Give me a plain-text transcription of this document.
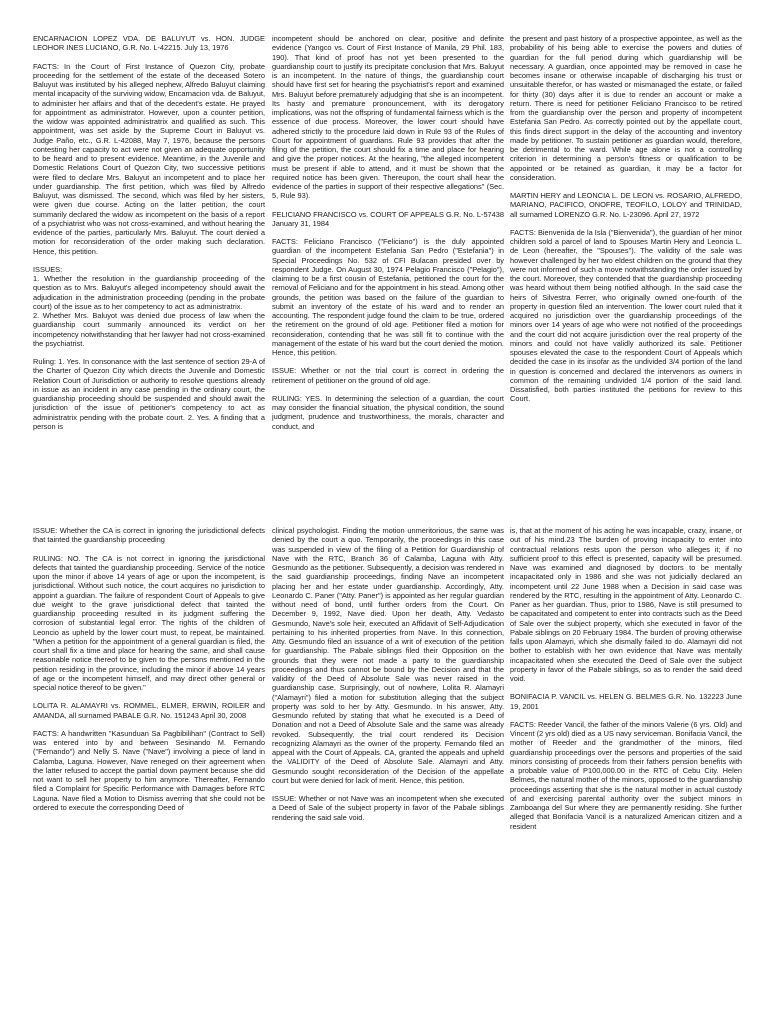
ENCARNACION LOPEZ VDA. DE BALUYUT vs. HON. JUDGE LEOHOR INES LUCIANO, G.R. No. L-42215. July 13, 1976

FACTS: In the Court of First Instance of Quezon City, probate proceeding for the settlement of the estate of the deceased Sotero Baluyut was instituted by his alleged nephew, Alfredo Baluyut claiming mental incapacity of the surviving widow, Encarnacion vda. de Baluyut, to administer her affairs and that of the decedent's estate. He prayed for appointment as administrator. However, upon a counter petition, the widow was appointed administratrix and qualified as such. This appointment, was set aside by the Supreme Court in Baluyut vs. Judge Paño, etc., G.R. L-42088, May 7, 1976, because the persons contesting her capacity to act were not given an adequate opportunity to be heard and to present evidence. Meantime, in the Juvenile and Domestic Relations Court of Quezon City, two successive petitions were filed to declare Mrs. Baluyut an incompetent and to place her under guardianship. The first petition, which was filed by Alfredo Baluyut, was dismissed. The second, which was filed by her sisters, were given due course. Acting on the latter petition, the court summarily declared the widow as incompetent on the basis of a report of a psychiatrist who was not cross-examined, and without hearing the evidence of the parties, particularly Mrs. Baluyut. The court denied a motion for reconsideration of the order making such declaration. Hence, this petition.

ISSUES:
1. Whether the resolution in the guardianship proceeding of the question as to Mrs. Baluyut's alleged incompetency should await the adjudication in the administration proceeding (pending in the probate court) of the issue as to her competency to act as administratrix.
2. Whether Mrs. Baluyot was denied due process of law when the guardianship court summarily announced its verdict on her incompetency notwithstanding that her lawyer had not cross-examined the psychiatrist.

Ruling: 1. Yes. In consonance with the last sentence of section 29-A of the Charter of Quezon City which directs the Juvenile and Domestic Relation Court of Jurisdiction or authority to resolve questions already in issue as an incident in any case pending in the ordinary court, the guardianship proceeding should be suspended and should await the jurisdiction of the issue of petitioner's competency to act as administratrix pending with the probate court. 2. Yes. A finding that a person is

incompetent should be anchored on clear, positive and definite evidence (Yangco vs. Court of First Instance of Manila, 29 Phil. 183, 190). That kind of proof has not yet been presented to the guardianship court to justify its precipitate conclusion that Mrs. Baluyut is an incompetent. In the nature of things, the guardianship court should have first set for hearing the psychiatrist's report and examined Mrs. Baluyut before prematurely adjudging that she is an incompetent. Its hasty and premature pronouncement, with its derogatory implications, was not the offspring of fundamental fairness which is the essence of due process. Moreover, the lower court should have adhered strictly to the procedure laid down in Rule 93 of the Rules of Court for appointment of guardians. Rule 93 provides that after the filing of the petition, the court should fix a time and place for hearing and give the proper notices. At the hearing, "the alleged incompetent must be present if able to attend, and it must be shown that the required notice has been given. Thereupon, the court shall hear the evidence of the parties in support of their respective allegations" (Sec. 5, Rule 93).

FELICIANO FRANCISCO vs. COURT OF APPEALS G.R. No. L-57438 January 31, 1984

FACTS: Feliciano Francisco ("Feliciano") is the duly appointed guardian of the incompetent Estefania San Pedro ("Estefania") in Special Proceedings No. 532 of CFI Bulacan presided over by respondent Judge. On August 30, 1974 Pelagio Francisco ("Pelagio"), claiming to be a first cousin of Estefania, petitioned the court for the removal of Feliciano and for the appointment in his stead. Among other grounds, the petition was based on the failure of the guardian to submit an inventory of the estate of his ward and to render an accounting. The respondent judge found the claim to be true, ordered the retirement on the ground of old age. Petitioner filed a motion for reconsideration, contending that he was still fit to continue with the management of the estate of his ward but the court denied the motion. Hence, this petition.

ISSUE: Whether or not the trial court is correct in ordering the retirement of petitioner on the ground of old age.

RULING: YES. In determining the selection of a guardian, the court may consider the financial situation, the physical condition, the sound judgment, prudence and trustworthiness, the morals, character and conduct, and

the present and past history of a prospective appointee, as well as the probability of his being able to exercise the powers and duties of guardian for the full period during which guardianship will be necessary. A guardian, once appointed may be removed in case he becomes insane or otherwise incapable of discharging his trust or unsuitable therefor, or has wasted or mismanaged the estate, or failed for thirty (30) days after it is due to render an account or make a return. There is need for petitioner Feliciano Francisco to be retired from the guardianship over the person and property of incompetent Estefania San Pedro. As correctly pointed out by the appellate court, this finds direct support in the delay of the accounting and inventory made by petitioner. To sustain petitioner as guardian would, therefore, be detrimental to the ward. While age alone is not a controlling criterion in determining a person's fitness or qualification to be appointed or be retained as guardian, it may be a factor for consideration.

MARTIN HERY and LEONCIA L. DE LEON vs. ROSARIO, ALFREDO, MARIANO, PACIFICO, ONOFRE, TEOFILO, LOLOY and TRINIDAD, all surnamed LORENZO G.R. No. L-23096. April 27, 1972

FACTS: Bienvenida de la Isla ("Bienvenida"), the guardian of her minor children sold a parcel of land to Spouses Martin Hery and Leoncia L. de Leon (hereafter, the "Spouses"). The validity of the sale was however challenged by her two eldest children on the ground that they were not informed of such a move notwithstanding the order issued by the court. Moreover, they contended that the guardianship proceeding was heard without them being notified although. In the said case the heirs of Silvestra Ferrer, who originally owned one-fourth of the property in question filed an intervention. The lower court ruled that it acquired no jurisdiction over the guardianship proceedings of the minors over 14 years of age who were not notified of the proceedings and the court did not acquire jurisdiction over the real property of the minors and could not have validly authorized its sale. Petitioner spouses elevated the case to the respondent Court of Appeals which decided the case in its insofar as the undivided 3/4 portion of the land in question is concerned and declared the intervenors as owners in common of the remaining undivided 1/4 portion of the said land. Dissatisfied, both parties instituted the petitions for review to this Court.

ISSUE: Whether the CA is correct in ignoring the jurisdictional defects that tainted the guardianship proceeding

RULING: NO. The CA is not correct in ignoring the jurisdictional defects that tainted the guardianship proceeding. Service of the notice upon the minor if above 14 years of age or upon the incompetent, is jurisdictional. Without such notice, the court acquires no jurisdiction to appoint a guardian. The failure of respondent Court of Appeals to give due weight to the grave jurisdictional defect that tainted the guardianship proceeding resulted in its judgment suffering the corrosion of substantial legal error. The rights of the children of Leoncio as upheld by the lower court must, to repeat, be maintained. "When a petition for the appointment of a general guardian is filed, the court shall fix a time and place for hearing the same, and shall cause reasonable notice thereof to be given to the persons mentioned in the petition residing in the province, including the minor if above 14 years of age or the incompetent himself, and may direct other general or special notice thereof to be given."

LOLITA R. ALAMAYRI vs. ROMMEL, ELMER, ERWIN, ROILER and AMANDA, all surnamed PABALE G.R. No. 151243 April 30, 2008

FACTS: A handwritten "Kasunduan Sa Pagbibilihan" (Contract to Sell) was entered into by and between Sesinando M. Fernando ("Fernando") and Nelly S. Nave ("Nave") involving a piece of land in Calamba, Laguna. However, Nave reneged on their agreement when the latter refused to accept the partial down payment because she did not want to sell her property to him anymore. Thereafter, Fernando filed a Complaint for Specific Performance with Damages before RTC Laguna. Nave filed a Motion to Dismiss averring that she could not be ordered to execute the corresponding Deed of

clinical psychologist. Finding the motion unmeritorious, the same was denied by the court a quo. Temporarily, the proceedings in this case was suspended in view of the filing of a Petition for Guardianship of Nave with the RTC, Branch 36 of Calamba, Laguna with Atty. Gesmundo as the petitioner. Subsequently, a decision was rendered in the said guardianship proceedings, finding Nave an incompetent placing her and her estate under guardianship. Accordingly, Atty. Leonardo C. Paner ("Atty. Paner") is appointed as her regular guardian without need of bond, until further orders from the Court. On December 9, 1992, Nave died. Upon her death, Atty. Vedasto Gesmundo, Nave's sole heir, executed an Affidavit of Self-Adjudication pertaining to his inherited properties from Nave. In this connection, Atty. Gesmundo filed an issuance of a writ of execution of the petition for guardianship. The Pabale siblings filed their Opposition on the grounds that they were not made a party to the guardianship proceedings and thus cannot be bound by the Decision and that the validity of the Deed of Absolute Sale was never raised in the guardianship case. Surprisingly, out of nowhere, Lolita R. Alamayri ("Alamayri") filed a motion for substitution alleging that the subject property was sold to her by Atty. Gesmundo. In his answer, Atty. Gesmundo refuted by stating that what he executed is a Deed of Donation and not a Deed of Absolute Sale and the same was already revoked. Subsequently, the trial court rendered its Decision recognizing Alamayri as the owner of the property. Fernando filed an appeal with the Court of Appeals. CA, granted the appeals and upheld the VALIDITY of the Deed of Absolute Sale. Alamayri and Atty. Gesmundo sought reconsideration of the Decision of the appellate court but were denied for lack of merit. Hence, this petition.

ISSUE: Whether or not Nave was an incompetent when she executed a Deed of Sale of the subject property in favor of the Pabale siblings rendering the said sale void.

is, that at the moment of his acting he was incapable, crazy, insane, or out of his mind.23 The burden of proving incapacity to enter into contractual relations rests upon the person who alleges it; if no sufficient proof to this effect is presented, capacity will be presumed. Nave was examined and diagnosed by doctors to be mentally incapacitated only in 1986 and she was not judicially declared an incompetent until 22 June 1988 when a Decision in said case was rendered by the RTC, resulting in the appointment of Atty. Leonardo C. Paner as her guardian. Thus, prior to 1986, Nave is still presumed to be capacitated and competent to enter into contracts such as the Deed of Sale over the subject property, which she executed in favor of the Pabale siblings on 20 February 1984. The burden of proving otherwise falls upon Alamayri, which she dismally failed to do. Alamayri did not bother to establish with her own evidence that Nave was mentally incapacitated when she executed the Deed of Sale over the subject property in favor of the Pabale siblings, so as to render the said deed void.

BONIFACIA P. VANCIL vs. HELEN G. BELMES G.R. No. 132223 June 19, 2001

FACTS: Reeder Vancil, the father of the minors Valerie (6 yrs. Old) and Vincent (2 yrs old) died as a US navy serviceman. Bonifacia Vancil, the mother of Reeder and the grandmother of the minors, filed guardianship proceedings over the persons and properties of the said minors consisting of proceeds from their fathers pension benefits with a probable value of P100,000.00 in the RTC of Cebu City. Helen Belmes, the natural mother of the minors, opposed to the guardianship proceedings asserting that she is the natural mother in actual custody of and exercising parental authority over the subject minors in Zamboanga del Sur where they are permanently residing. She further alleged that Bonifacia Vancil is a naturalized American citizen and a resident
